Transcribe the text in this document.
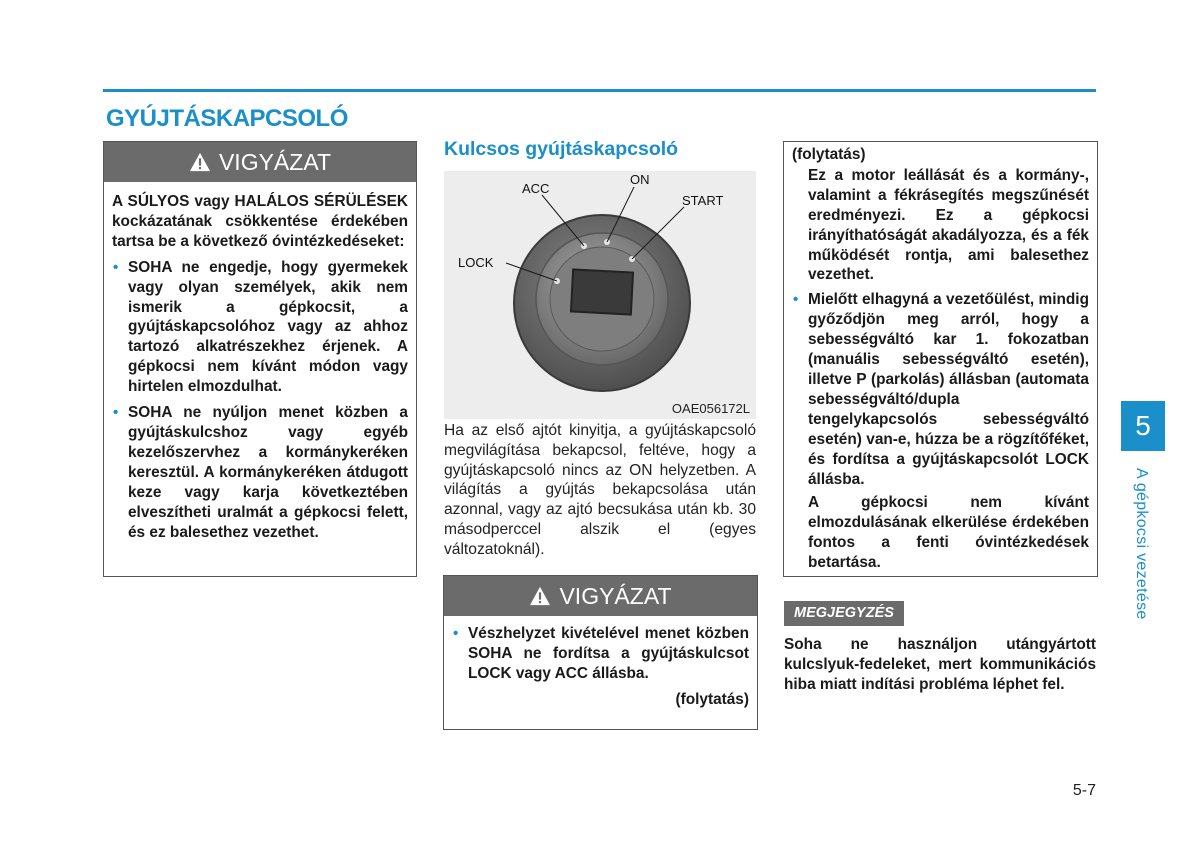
GYÚJTÁSKAPCSOLÓ
VIGYÁZAT
A SÚLYOS vagy HALÁLOS SÉRÜLÉSEK kockázatának csökkentése érdekében tartsa be a következő óvintézkedéseket:
• SOHA ne engedje, hogy gyermekek vagy olyan személyek, akik nem ismerik a gépkocsit, a gyújtáskapcsolóhoz vagy az ahhoz tartozó alkatrészekhez érjenek. A gépkocsi nem kívánt módon vagy hirtelen elmozdulhat.
• SOHA ne nyúljon menet közben a gyújtáskulcshoz vagy egyéb kezelőszervhez a kormánykeréken keresztül. A kormánykeréken átdugott keze vagy karja következtében elveszítheti uralmát a gépkocsi felett, és ez balesethez vezethet.
Kulcsos gyújtáskapcsoló
ACC
ON
START
LOCK
OAE056172L
Ha az első ajtót kinyitja, a gyújtáskapcsoló megvilágítása bekapcsol, feltéve, hogy a gyújtáskapcsoló nincs az ON helyzetben. A világítás a gyújtás bekapcsolása után azonnal, vagy az ajtó becsukása után kb. 30 másodperccel alszik el (egyes változatoknál).
VIGYÁZAT
• Vészhelyzet kivételével menet közben SOHA ne fordítsa a gyújtáskulcsot LOCK vagy ACC állásba.
(folytatás)
(folytatás)
Ez a motor leállását és a kormány-, valamint a fékrásegítés megszűnését eredményezi. Ez a gépkocsi irányíthatóságát akadályozza, és a fék működését rontja, ami balesethez vezethet.
• Mielőtt elhagyná a vezetőülést, mindig győződjön meg arról, hogy a sebességváltó kar 1. fokozatban (manuális sebességváltó esetén), illetve P (parkolás) állásban (automata sebességváltó/dupla tengelykapcsolós sebességváltó esetén) van-e, húzza be a rögzítőféket, és fordítsa a gyújtáskapcsolót LOCK állásba.
A gépkocsi nem kívánt elmozdulásának elkerülése érdekében fontos a fenti óvintézkedések betartása.
MEGJEGYZÉS
Soha ne használjon utángyártott kulcslyuk-fedeleket, mert kommunikációs hiba miatt indítási probléma léphet fel.
5
A gépkocsi vezetése
5-7
